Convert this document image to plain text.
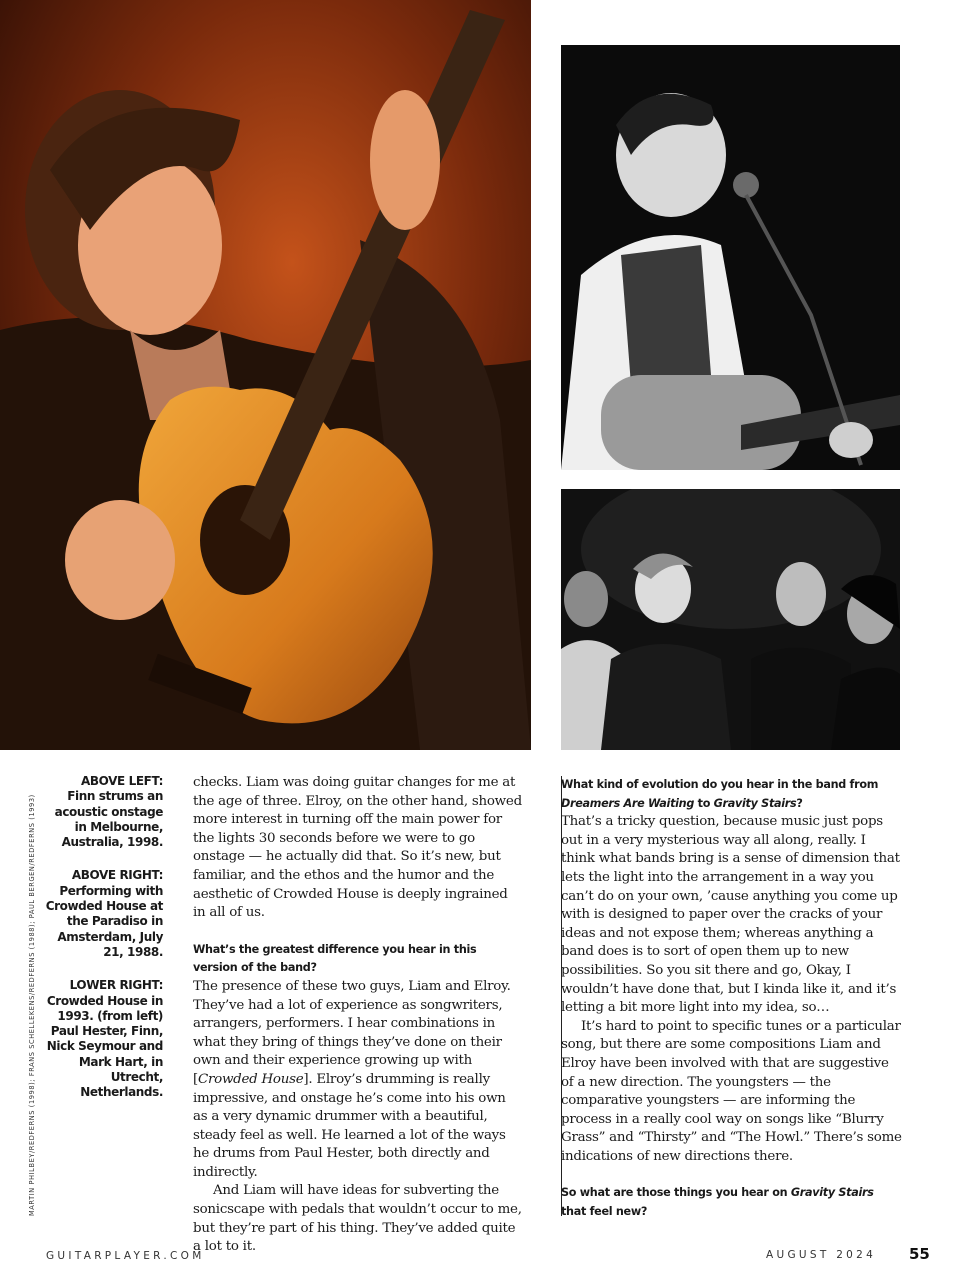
MARTIN PHILBEY/REDFERNS (1998); FRANS SCHELLEKENS/REDFERNS (1988); PAUL BERGEN/REDFERNS (1993)
ABOVE LEFT:
Finn strums an acoustic onstage in Melbourne, Australia, 1998.
ABOVE RIGHT:
Performing with Crowded House at the Paradiso in Amsterdam, July 21, 1988.
LOWER RIGHT:
Crowded House in 1993. (from left) Paul Hester, Finn, Nick Seymour and Mark Hart, in Utrecht, Netherlands.

checks. Liam was doing guitar changes for me at the age of three. Elroy, on the other hand, showed more interest in turning off the main power for the lights 30 seconds before we were to go onstage — he actually did that. So it’s new, but familiar, and the ethos and the humor and the aesthetic of Crowded House is deeply ingrained in all of us.

What’s the greatest difference you hear in this version of the band?

The presence of these two guys, Liam and Elroy. They’ve had a lot of experience as songwriters, arrangers, performers. I hear combinations in what they bring of things they’ve done on their own and their experience growing up with [Crowded House]. Elroy’s drumming is really impressive, and onstage he’s come into his own as a very dynamic drummer with a beautiful, steady feel as well. He learned a lot of the ways he drums from Paul Hester, both directly and indirectly.

And Liam will have ideas for subverting the sonicscape with pedals that wouldn’t occur to me, but they’re part of his thing. They’ve added quite a lot to it.

What kind of evolution do you hear in the band from Dreamers Are Waiting to Gravity Stairs?

That’s a tricky question, because music just pops out in a very mysterious way all along, really. I think what bands bring is a sense of dimension that lets the light into the arrangement in a way you can’t do on your own, ’cause anything you come up with is designed to paper over the cracks of your ideas and not expose them; whereas anything a band does is to sort of open them up to new possibilities. So you sit there and go, Okay, I wouldn’t have done that, but I kinda like it, and it’s letting a bit more light into my idea, so…

It’s hard to point to specific tunes or a particular song, but there are some compositions Liam and Elroy have been involved with that are suggestive of a new direction. The youngsters — the comparative youngsters — are informing the process in a really cool way on songs like “Blurry Grass” and “Thirsty” and “The Howl.” There’s some indications of new directions there.

So what are those things you hear on Gravity Stairs that feel new?

GUITARPLAYER.COM	AUGUST 2024 55
